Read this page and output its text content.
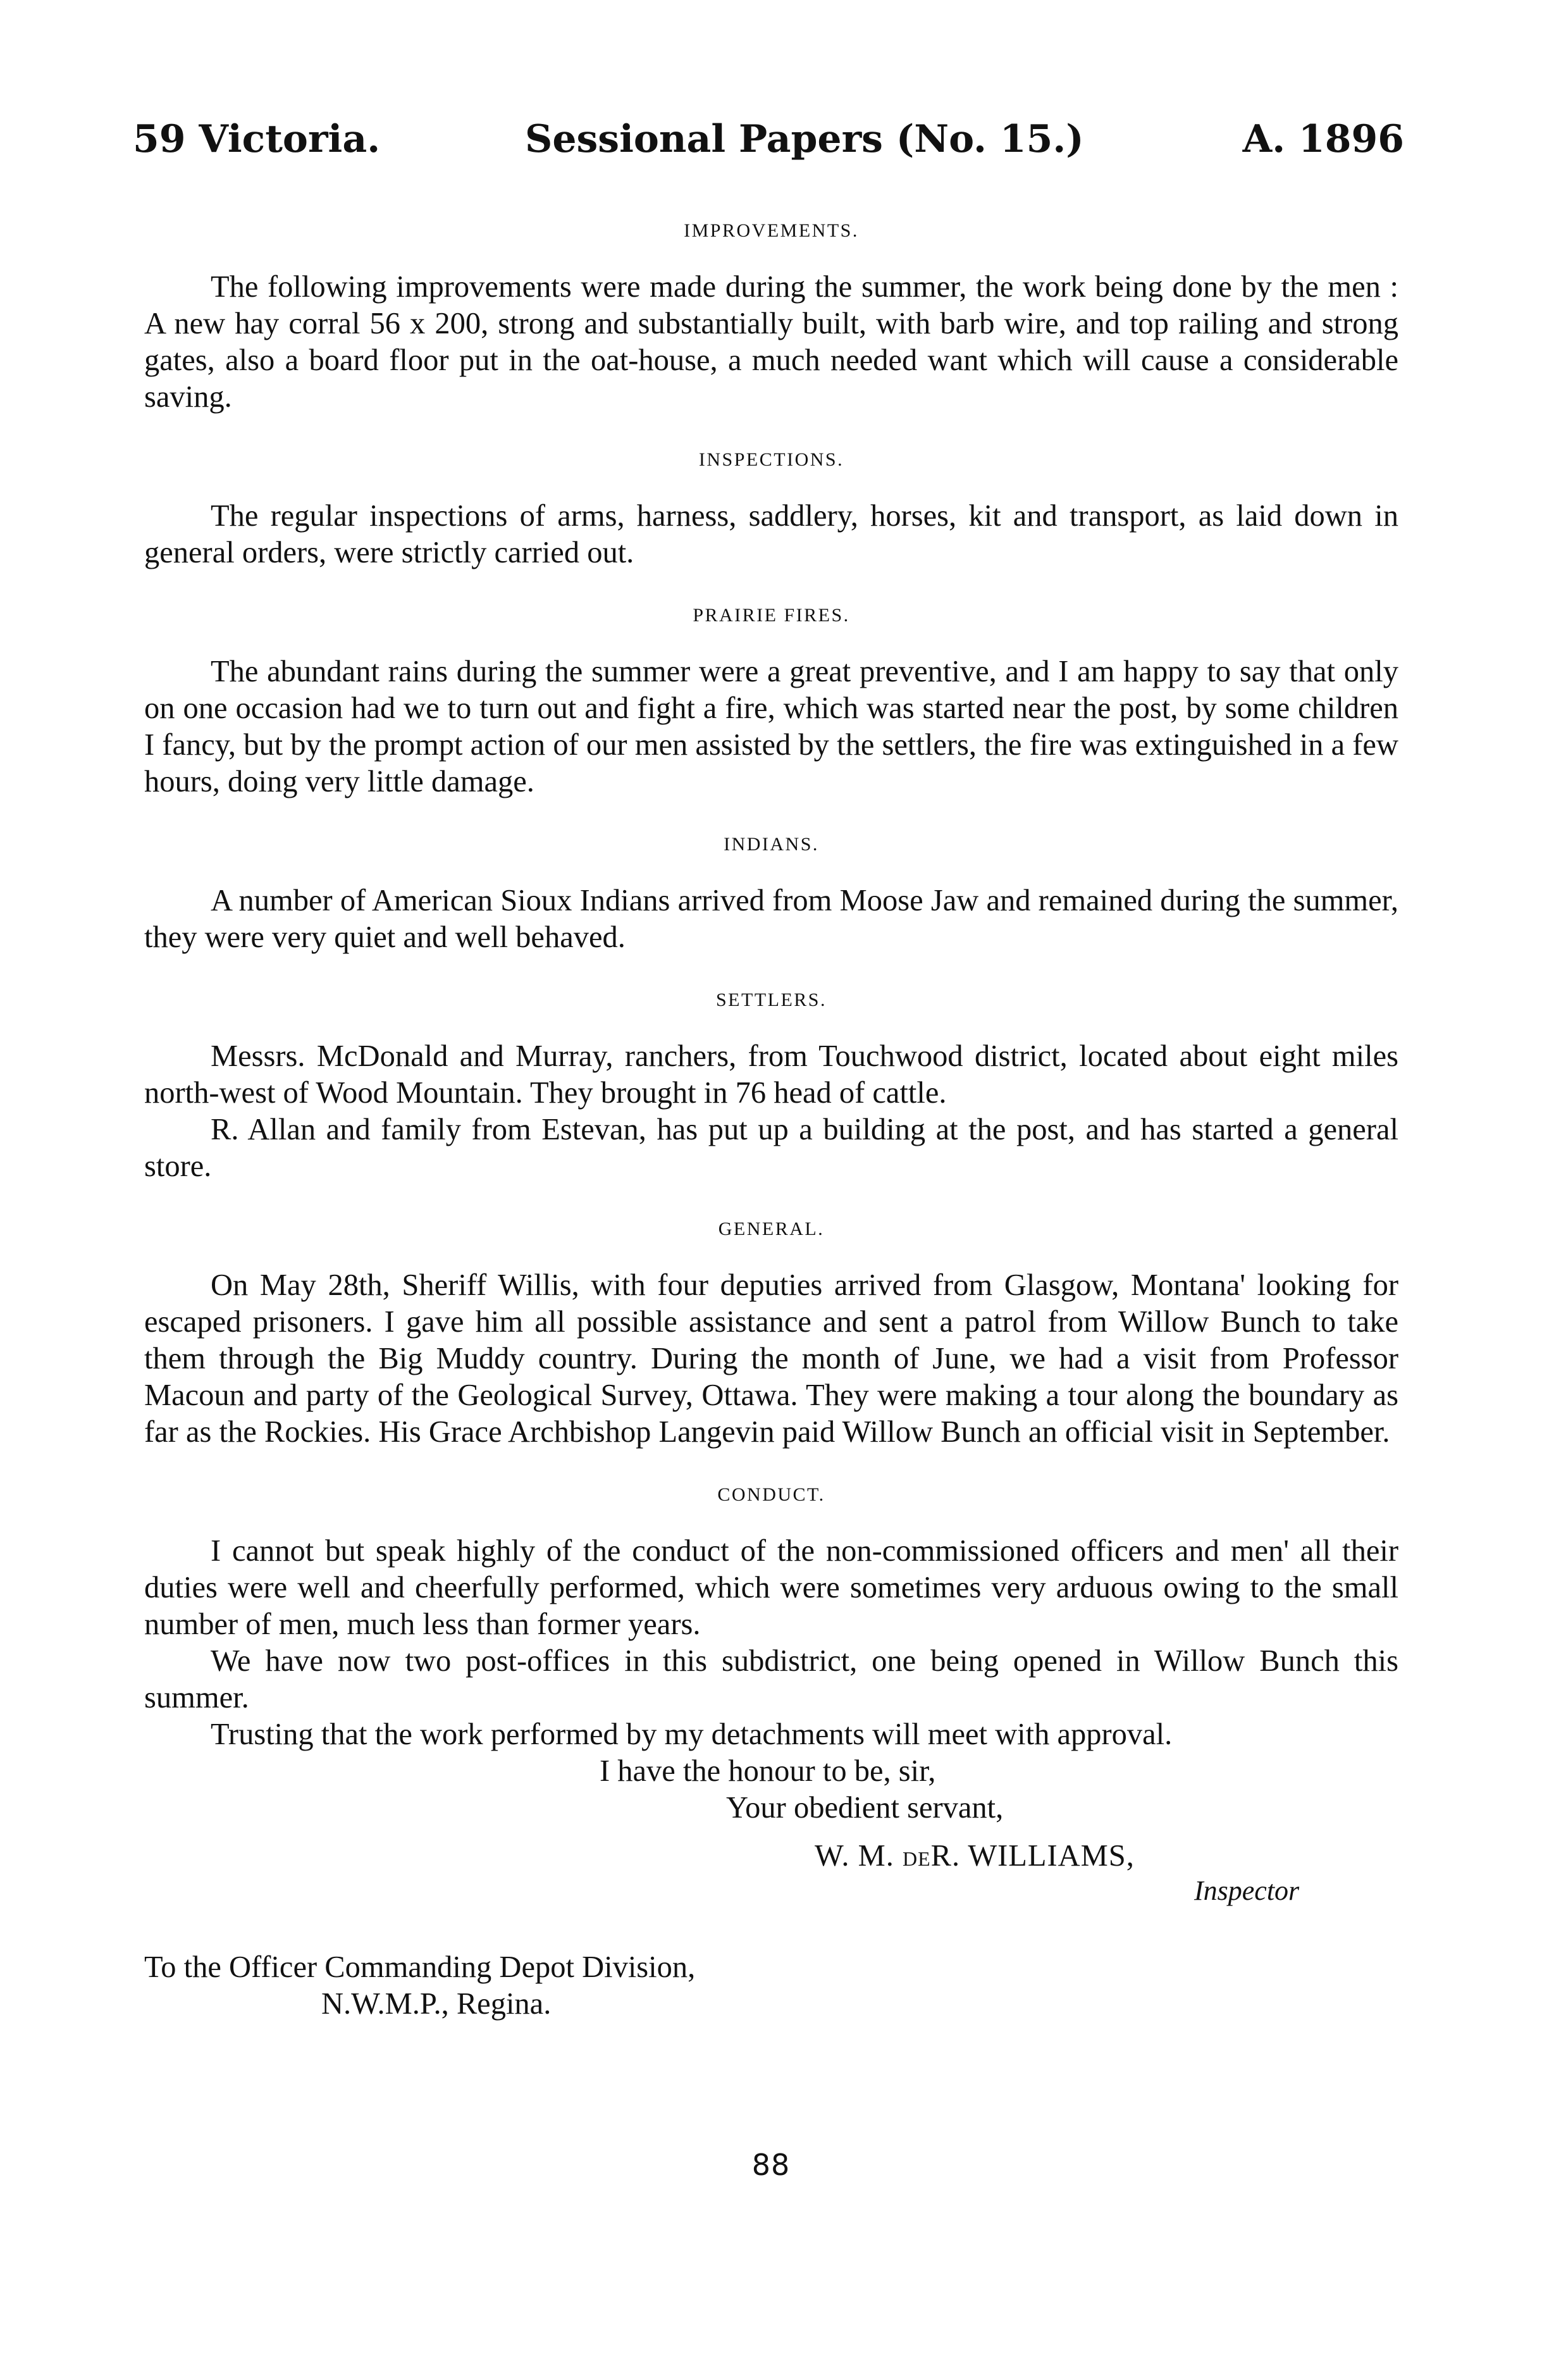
59 Victoria.	Sessional Papers (No. 15.)	A. 1896
IMPROVEMENTS.

The following improvements were made during the summer, the work being done by the men : A new hay corral 56 x 200, strong and substantially built, with barb wire, and top railing and strong gates, also a board floor put in the oat-house, a much needed want which will cause a considerable saving.

INSPECTIONS.

The regular inspections of arms, harness, saddlery, horses, kit and transport, as laid down in general orders, were strictly carried out.

PRAIRIE FIRES.

The abundant rains during the summer were a great preventive, and I am happy to say that only on one occasion had we to turn out and fight a fire, which was started near the post, by some children I fancy, but by the prompt action of our men assisted by the settlers, the fire was extinguished in a few hours, doing very little damage.

INDIANS.

A number of American Sioux Indians arrived from Moose Jaw and remained during the summer, they were very quiet and well behaved.

SETTLERS.

Messrs. McDonald and Murray, ranchers, from Touchwood district, located about eight miles north-west of Wood Mountain. They brought in 76 head of cattle.

R. Allan and family from Estevan, has put up a building at the post, and has started a general store.

GENERAL.

On May 28th, Sheriff Willis, with four deputies arrived from Glasgow, Montana' looking for escaped prisoners. I gave him all possible assistance and sent a patrol from Willow Bunch to take them through the Big Muddy country. During the month of June, we had a visit from Professor Macoun and party of the Geological Survey, Ottawa. They were making a tour along the boundary as far as the Rockies. His Grace Archbishop Langevin paid Willow Bunch an official visit in September.

CONDUCT.

I cannot but speak highly of the conduct of the non-commissioned officers and men' all their duties were well and cheerfully performed, which were sometimes very arduous owing to the small number of men, much less than former years.

We have now two post-offices in this subdistrict, one being opened in Willow Bunch this summer.

Trusting that the work performed by my detachments will meet with approval.

I have the honour to be, sir,
Your obedient servant,
W. M. DER. WILLIAMS,
Inspector
To the Officer Commanding Depot Division,
N.W.M.P., Regina.
88
